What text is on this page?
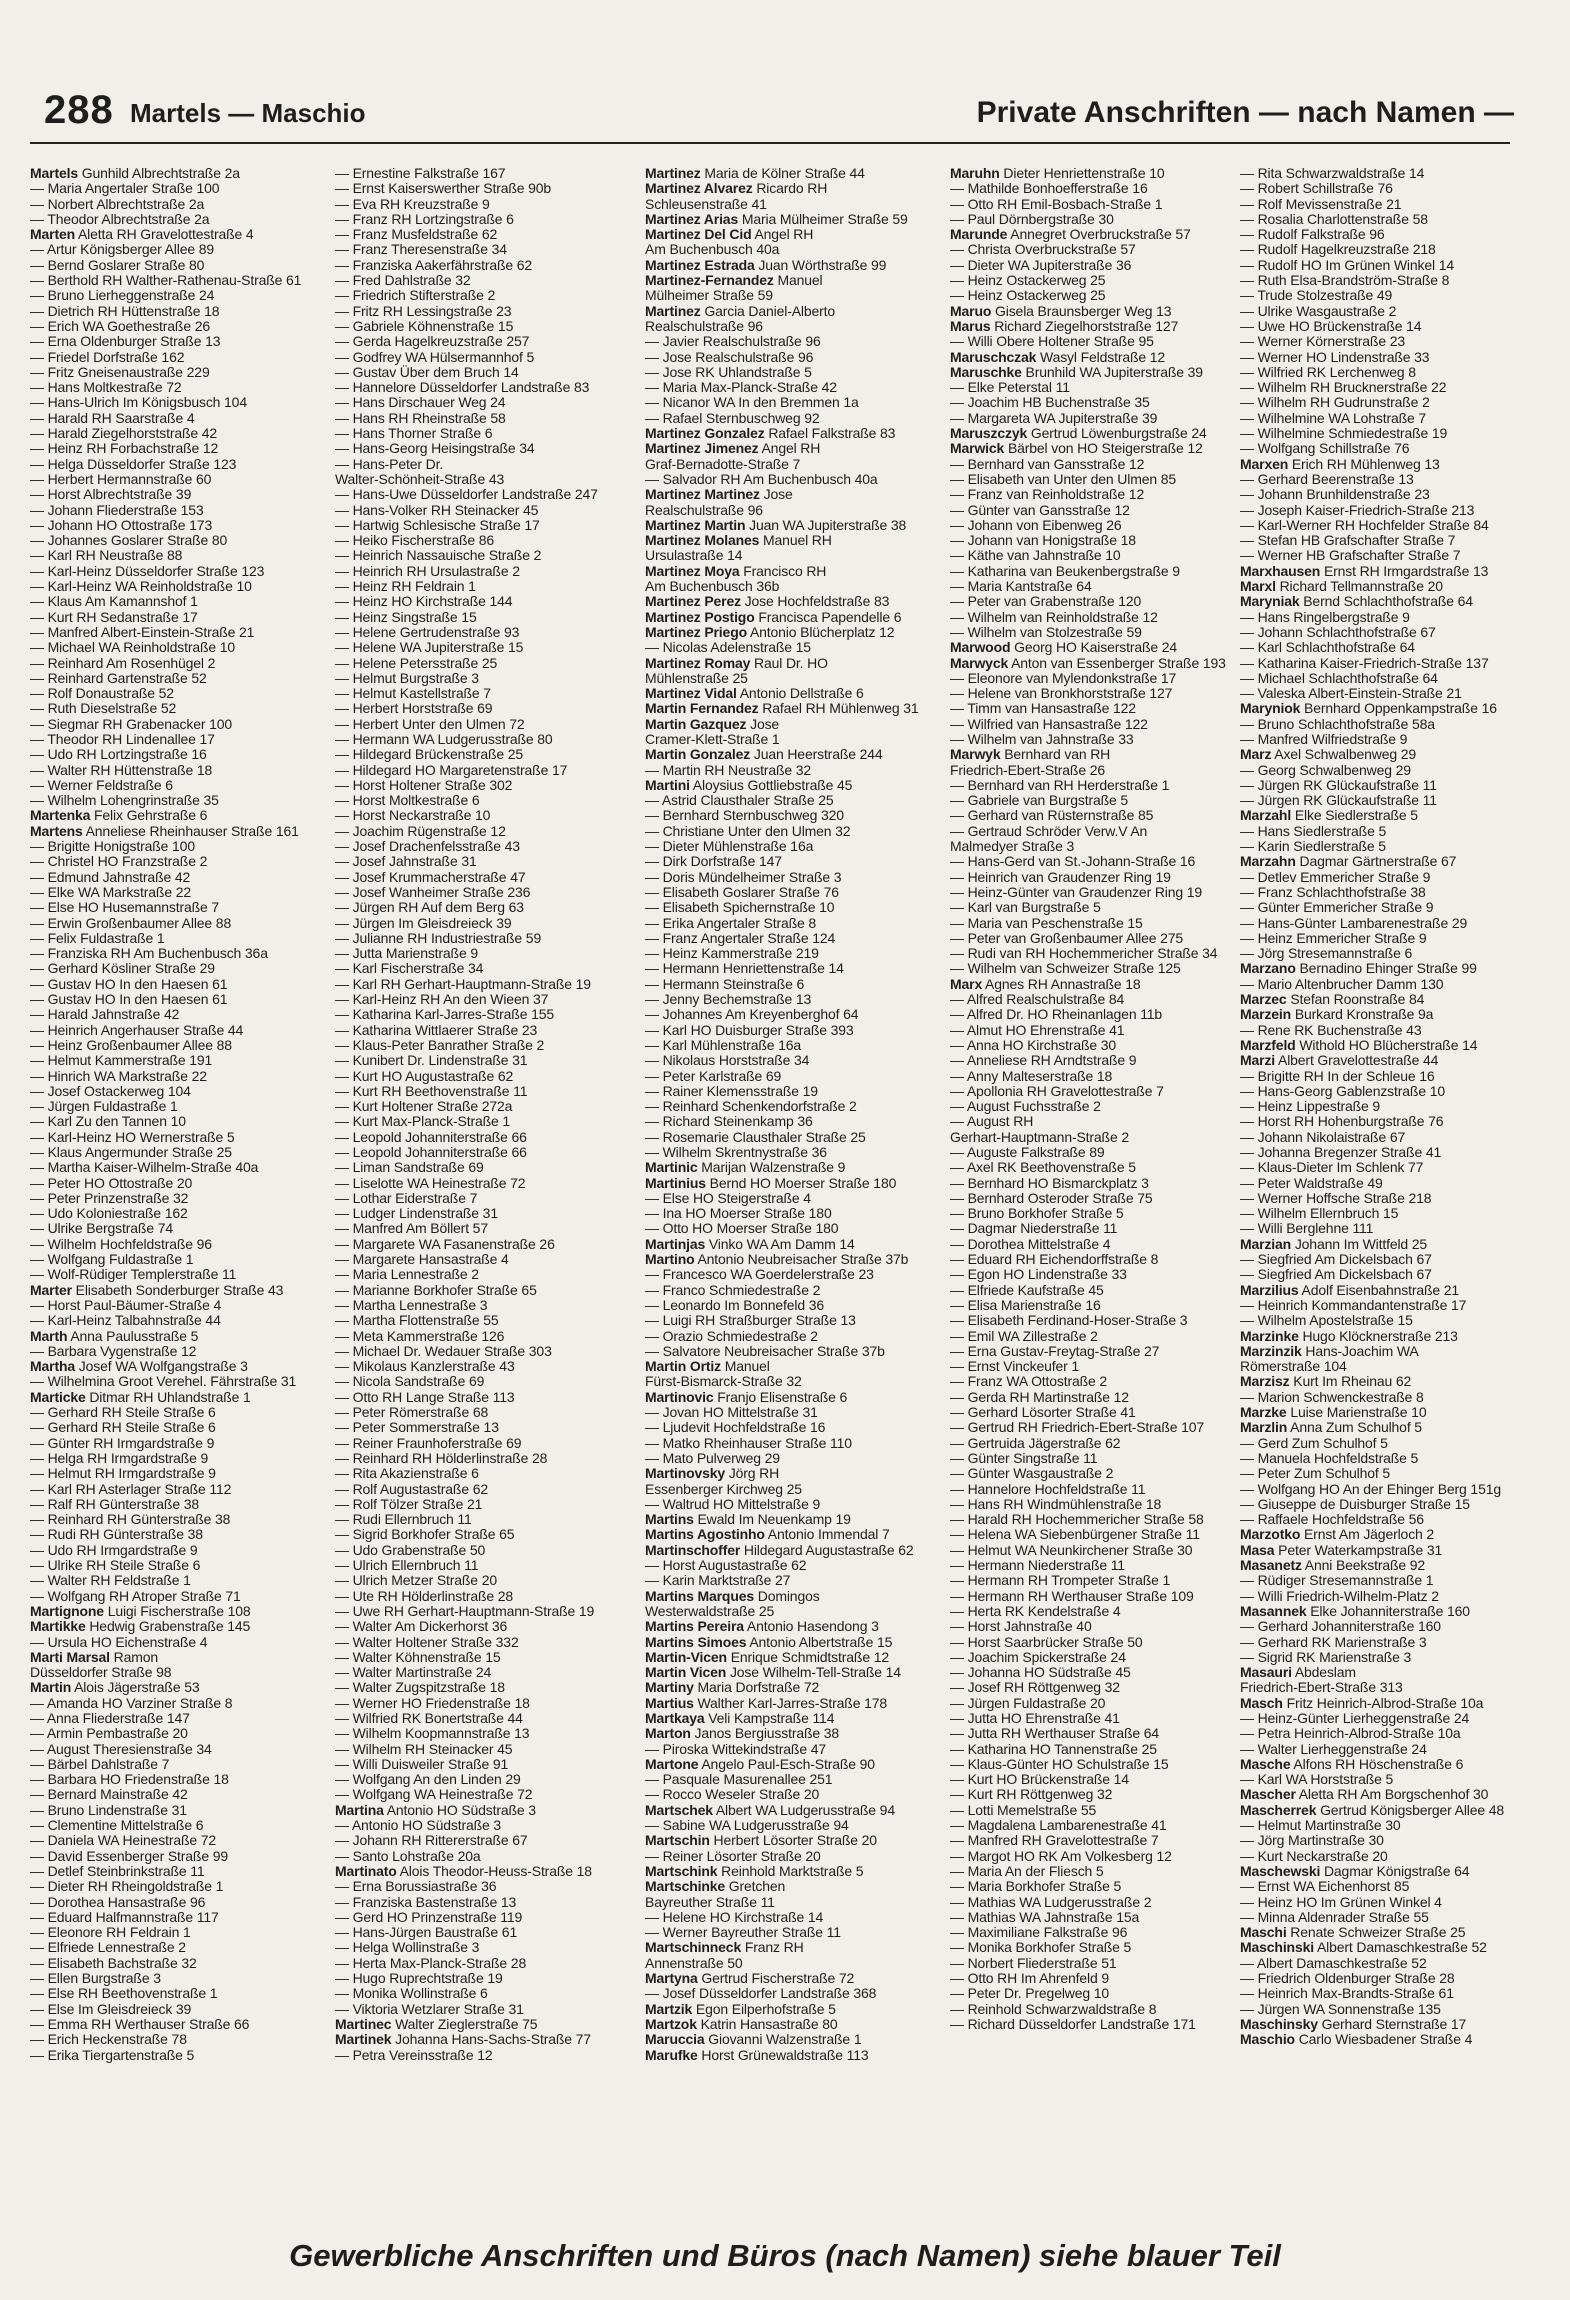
288 Martels — Maschio	Private Anschriften — nach Namen —
Martels Gunhild Albrechtstraße 2a
— Maria Angertaler Straße 100
— Norbert Albrechtstraße 2a
— Theodor Albrechtstraße 2a
Marten Aletta RH Gravelottestraße 4
— Artur Königsberger Allee 89
— Bernd Goslarer Straße 80
— Berthold RH Walther-Rathenau-Straße 61
— Bruno Lierheggenstraße 24
— Dietrich RH Hüttenstraße 18
— Erich WA Goethestraße 26
— Erna Oldenburger Straße 13
— Friedel Dorfstraße 162
— Fritz Gneisenaustraße 229
— Hans Moltkestraße 72
— Hans-Ulrich Im Königsbusch 104
— Harald RH Saarstraße 4
— Harald Ziegelhorststraße 42
— Heinz RH Forbachstraße 12
— Helga Düsseldorfer Straße 123
— Herbert Hermannstraße 60
— Horst Albrechtstraße 39
— Johann Fliederstraße 153
— Johann HO Ottostraße 173
— Johannes Goslarer Straße 80
— Karl RH Neustraße 88
— Karl-Heinz Düsseldorfer Straße 123
— Karl-Heinz WA Reinholdstraße 10
— Klaus Am Kamannshof 1
— Kurt RH Sedanstraße 17
— Manfred Albert-Einstein-Straße 21
— Michael WA Reinholdstraße 10
— Reinhard Am Rosenhügel 2
— Reinhard Gartenstraße 52
— Rolf Donaustraße 52
— Ruth Dieselstraße 52
— Siegmar RH Grabenacker 100
— Theodor RH Lindenallee 17
— Udo RH Lortzingstraße 16
— Walter RH Hüttenstraße 18
— Werner Feldstraße 6
— Wilhelm Lohengrinstraße 35
Martenka Felix Gehrstraße 6
Martens Anneliese Rheinhauser Straße 161
— Brigitte Honigstraße 100
— Christel HO Franzstraße 2
— Edmund Jahnstraße 42
— Elke WA Markstraße 22
— Else HO Husemannstraße 7
— Erwin Großenbaumer Allee 88
— Felix Fuldastraße 1
— Franziska RH Am Buchenbusch 36a
— Gerhard Kösliner Straße 29
— Gustav HO In den Haesen 61
— Gustav HO In den Haesen 61
— Harald Jahnstraße 42
— Heinrich Angerhauser Straße 44
— Heinz Großenbaumer Allee 88
— Helmut Kammerstraße 191
— Hinrich WA Markstraße 22
— Josef Ostackerweg 104
— Jürgen Fuldastraße 1
— Karl Zu den Tannen 10
— Karl-Heinz HO Wernerstraße 5
— Klaus Angermunder Straße 25
— Martha Kaiser-Wilhelm-Straße 40a
— Peter HO Ottostraße 20
— Peter Prinzenstraße 32
— Udo Koloniestraße 162
— Ulrike Bergstraße 74
— Wilhelm Hochfeldstraße 96
— Wolfgang Fuldastraße 1
— Wolf-Rüdiger Templerstraße 11
Marter Elisabeth Sonderburger Straße 43
— Horst Paul-Bäumer-Straße 4
— Karl-Heinz Talbahnstraße 44
Marth Anna Paulusstraße 5
— Barbara Vygenstraße 12
Martha Josef WA Wolfgangstraße 3
— Wilhelmina Groot Verehel. Fährstraße 31
Marticke Ditmar RH Uhlandstraße 1
— Gerhard RH Steile Straße 6
— Gerhard RH Steile Straße 6
— Günter RH Irmgardstraße 9
— Helga RH Irmgardstraße 9
— Helmut RH Irmgardstraße 9
— Karl RH Asterlager Straße 112
— Ralf RH Günterstraße 38
— Reinhard RH Günterstraße 38
— Rudi RH Günterstraße 38
— Udo RH Irmgardstraße 9
— Ulrike RH Steile Straße 6
— Walter RH Feldstraße 1
— Wolfgang RH Atroper Straße 71
Martignone Luigi Fischerstraße 108
Martikke Hedwig Grabenstraße 145
— Ursula HO Eichenstraße 4
Marti Marsal Ramon
Düsseldorfer Straße 98
Martin Alois Jägerstraße 53
— Amanda HO Varziner Straße 8
— Anna Fliederstraße 147
— Armin Pembastraße 20
— August Theresienstraße 34
— Bärbel Dahlstraße 7
— Barbara HO Friedenstraße 18
— Bernard Mainstraße 42
— Bruno Lindenstraße 31
— Clementine Mittelstraße 6
— Daniela WA Heinestraße 72
— David Essenberger Straße 99
— Detlef Steinbrinkstraße 11
— Dieter RH Rheingoldstraße 1
— Dorothea Hansastraße 96
— Eduard Halfmannstraße 117
— Eleonore RH Feldrain 1
— Elfriede Lennestraße 2
— Elisabeth Bachstraße 32
— Ellen Burgstraße 3
— Else RH Beethovenstraße 1
— Else Im Gleisdreieck 39
— Emma RH Werthauser Straße 66
— Erich Heckenstraße 78
— Erika Tiergartenstraße 5
— Ernestine Falkstraße 167
— Ernst Kaiserswerther Straße 90b
— Eva RH Kreuzstraße 9
— Franz RH Lortzingstraße 6
— Franz Musfeldstraße 62
— Franz Theresenstraße 34
— Franziska Aakerfährstraße 62
— Fred Dahlstraße 32
— Friedrich Stifterstraße 2
— Fritz RH Lessingstraße 23
— Gabriele Köhnenstraße 15
— Gerda Hagelkreuzstraße 257
— Godfrey WA Hülsermannhof 5
— Gustav Über dem Bruch 14
— Hannelore Düsseldorfer Landstraße 83
— Hans Dirschauer Weg 24
— Hans RH Rheinstraße 58
— Hans Thorner Straße 6
— Hans-Georg Heisingstraße 34
— Hans-Peter Dr.
Walter-Schönheit-Straße 43
— Hans-Uwe Düsseldorfer Landstraße 247
— Hans-Volker RH Steinacker 45
— Hartwig Schlesische Straße 17
— Heiko Fischerstraße 86
— Heinrich Nassauische Straße 2
— Heinrich RH Ursulastraße 2
— Heinz RH Feldrain 1
— Heinz HO Kirchstraße 144
— Heinz Singstraße 15
— Helene Gertrudenstraße 93
— Helene WA Jupiterstraße 15
— Helene Petersstraße 25
— Helmut Burgstraße 3
— Helmut Kastellstraße 7
— Herbert Horststraße 69
— Herbert Unter den Ulmen 72
— Hermann WA Ludgerusstraße 80
— Hildegard Brückenstraße 25
— Hildegard HO Margaretenstraße 17
— Horst Holtener Straße 302
— Horst Moltkestraße 6
— Horst Neckarstraße 10
— Joachim Rügenstraße 12
— Josef Drachenfelsstraße 43
— Josef Jahnstraße 31
— Josef Krummacherstraße 47
— Josef Wanheimer Straße 236
— Jürgen RH Auf dem Berg 63
— Jürgen Im Gleisdreieck 39
— Julianne RH Industriestraße 59
— Jutta Marienstraße 9
— Karl Fischerstraße 34
— Karl RH Gerhart-Hauptmann-Straße 19
— Karl-Heinz RH An den Wieen 37
— Katharina Karl-Jarres-Straße 155
— Katharina Wittlaerer Straße 23
— Klaus-Peter Banrather Straße 2
— Kunibert Dr. Lindenstraße 31
— Kurt HO Augustastraße 62
— Kurt RH Beethovenstraße 11
— Kurt Holtener Straße 272a
— Kurt Max-Planck-Straße 1
— Leopold Johanniterstraße 66
— Leopold Johanniterstraße 66
— Liman Sandstraße 69
— Liselotte WA Heinestraße 72
— Lothar Eiderstraße 7
— Ludger Lindenstraße 31
— Manfred Am Böllert 57
— Margarete WA Fasanenstraße 26
— Margarete Hansastraße 4
— Maria Lennestraße 2
— Marianne Borkhofer Straße 65
— Martha Lennestraße 3
— Martha Flottenstraße 55
— Meta Kammerstraße 126
— Michael Dr. Wedauer Straße 303
— Mikolaus Kanzlerstraße 43
— Nicola Sandstraße 69
— Otto RH Lange Straße 113
— Peter Römerstraße 68
— Peter Sommerstraße 13
— Reiner Fraunhoferstraße 69
— Reinhard RH Hölderlinstraße 28
— Rita Akazienstraße 6
— Rolf Augustastraße 62
— Rolf Tölzer Straße 21
— Rudi Ellernbruch 11
— Sigrid Borkhofer Straße 65
— Udo Grabenstraße 50
— Ulrich Ellernbruch 11
— Ulrich Metzer Straße 20
— Ute RH Hölderlinstraße 28
— Uwe RH Gerhart-Hauptmann-Straße 19
— Walter Am Dickerhorst 36
— Walter Holtener Straße 332
— Walter Köhnenstraße 15
— Walter Martinstraße 24
— Walter Zugspitzstraße 18
— Werner HO Friedenstraße 18
— Wilfried RK Bonertstraße 44
— Wilhelm Koopmannstraße 13
— Wilhelm RH Steinacker 45
— Willi Duisweiler Straße 91
— Wolfgang An den Linden 29
— Wolfgang WA Heinestraße 72
Martina Antonio HO Südstraße 3
— Antonio HO Südstraße 3
— Johann RH Rittererstraße 67
— Santo Lohstraße 20a
Martinato Alois Theodor-Heuss-Straße 18
— Erna Borussiastraße 36
— Franziska Bastenstraße 13
— Gerd HO Prinzenstraße 119
— Hans-Jürgen Baustraße 61
— Helga Wollinstraße 3
— Herta Max-Planck-Straße 28
— Hugo Ruprechtstraße 19
— Monika Wollinstraße 6
— Viktoria Wetzlarer Straße 31
Martinec Walter Zieglerstraße 75
Martinek Johanna Hans-Sachs-Straße 77
— Petra Vereinsstraße 12
Martinez Maria de Kölner Straße 44
Martinez Alvarez Ricardo RH
Schleusenstraße 41
Martinez Arias Maria Mülheimer Straße 59
Martinez Del Cid Angel RH
Am Buchenbusch 40a
Martinez Estrada Juan Wörthstraße 99
Martinez-Fernandez Manuel
Mülheimer Straße 59
Martinez Garcia Daniel-Alberto
Realschulstraße 96
— Javier Realschulstraße 96
— Jose Realschulstraße 96
— Jose RK Uhlandstraße 5
— Maria Max-Planck-Straße 42
— Nicanor WA In den Bremmen 1a
— Rafael Sternbuschweg 92
Martinez Gonzalez Rafael Falkstraße 83
Martinez Jimenez Angel RH
Graf-Bernadotte-Straße 7
— Salvador RH Am Buchenbusch 40a
Martinez Martinez Jose
Realschulstraße 96
Martinez Martin Juan WA Jupiterstraße 38
Martinez Molanes Manuel RH
Ursulastraße 14
Martinez Moya Francisco RH
Am Buchenbusch 36b
Martinez Perez Jose Hochfeldstraße 83
Martinez Postigo Francisca Papendelle 6
Martinez Priego Antonio Blücherplatz 12
— Nicolas Adelenstraße 15
Martinez Romay Raul Dr. HO
Mühlenstraße 25
Martinez Vidal Antonio Dellstraße 6
Martin Fernandez Rafael RH Mühlenweg 31
Martin Gazquez Jose
Cramer-Klett-Straße 1
Martin Gonzalez Juan Heerstraße 244
— Martin RH Neustraße 32
Martini Aloysius Gottliebstraße 45
— Astrid Clausthaler Straße 25
— Bernhard Sternbuschweg 320
— Christiane Unter den Ulmen 32
— Dieter Mühlenstraße 16a
— Dirk Dorfstraße 147
— Doris Mündelheimer Straße 3
— Elisabeth Goslarer Straße 76
— Elisabeth Spichernstraße 10
— Erika Angertaler Straße 8
— Franz Angertaler Straße 124
— Heinz Kammerstraße 219
— Hermann Henriettenstraße 14
— Hermann Steinstraße 6
— Jenny Bechemstraße 13
— Johannes Am Kreyenberghof 64
— Karl HO Duisburger Straße 393
— Karl Mühlenstraße 16a
— Nikolaus Horststraße 34
— Peter Karlstraße 69
— Rainer Klemensstraße 19
— Reinhard Schenkendorfstraße 2
— Richard Steinenkamp 36
— Rosemarie Clausthaler Straße 25
— Wilhelm Skrentnystraße 36
Martinic Marijan Walzenstraße 9
Martinius Bernd HO Moerser Straße 180
— Else HO Steigerstraße 4
— Ina HO Moerser Straße 180
— Otto HO Moerser Straße 180
Martinjas Vinko WA Am Damm 14
Martino Antonio Neubreisacher Straße 37b
— Francesco WA Goerdelerstraße 23
— Franco Schmiedestraße 2
— Leonardo Im Bonnefeld 36
— Luigi RH Straßburger Straße 13
— Orazio Schmiedestraße 2
— Salvatore Neubreisacher Straße 37b
Martin Ortiz Manuel
Fürst-Bismarck-Straße 32
Martinovic Franjo Elisenstraße 6
— Jovan HO Mittelstraße 31
— Ljudevit Hochfeldstraße 16
— Matko Rheinhauser Straße 110
— Mato Pulverweg 29
Martinovsky Jörg RH
Essenberger Kirchweg 25
— Waltrud HO Mittelstraße 9
Martins Ewald Im Neuenkamp 19
Martins Agostinho Antonio Immendal 7
Martinschoffer Hildegard Augustastraße 62
— Horst Augustastraße 62
— Karin Marktstraße 27
Martins Marques Domingos
Westerwaldstraße 25
Martins Pereira Antonio Hasendong 3
Martins Simoes Antonio Albertstraße 15
Martin-Vicen Enrique Schmidtstraße 12
Martin Vicen Jose Wilhelm-Tell-Straße 14
Martiny Maria Dorfstraße 72
Martius Walther Karl-Jarres-Straße 178
Martkaya Veli Kampstraße 114
Marton Janos Bergiusstraße 38
— Piroska Wittekindstraße 47
Martone Angelo Paul-Esch-Straße 90
— Pasquale Masurenallee 251
— Rocco Weseler Straße 20
Martschek Albert WA Ludgerusstraße 94
— Sabine WA Ludgerusstraße 94
Martschin Herbert Lösorter Straße 20
— Reiner Lösorter Straße 20
Martschink Reinhold Marktstraße 5
Martschinke Gretchen
Bayreuther Straße 11
— Helene HO Kirchstraße 14
— Werner Bayreuther Straße 11
Martschinneck Franz RH
Annenstraße 50
Martyna Gertrud Fischerstraße 72
— Josef Düsseldorfer Landstraße 368
Martzik Egon Eilperhofstraße 5
Martzok Katrin Hansastraße 80
Maruccia Giovanni Walzenstraße 1
Marufke Horst Grünewaldstraße 113
Maruhn Dieter Henriettenstraße 10
— Mathilde Bonhoefferstraße 16
— Otto RH Emil-Bosbach-Straße 1
— Paul Dörnbergstraße 30
Marunde Annegret Overbruckstraße 57
— Christa Overbruckstraße 57
— Dieter WA Jupiterstraße 36
— Heinz Ostackerweg 25
— Heinz Ostackerweg 25
Maruo Gisela Braunsberger Weg 13
Marus Richard Ziegelhorststraße 127
— Willi Obere Holtener Straße 95
Maruschczak Wasyl Feldstraße 12
Maruschke Brunhild WA Jupiterstraße 39
— Elke Peterstal 11
— Joachim HB Buchenstraße 35
— Margareta WA Jupiterstraße 39
Maruszczyk Gertrud Löwenburgstraße 24
Marwick Bärbel von HO Steigerstraße 12
— Bernhard van Gansstraße 12
— Elisabeth van Unter den Ulmen 85
— Franz van Reinholdstraße 12
— Günter van Gansstraße 12
— Johann von Eibenweg 26
— Johann van Honigstraße 18
— Käthe van Jahnstraße 10
— Katharina van Beukenbergstraße 9
— Maria Kantstraße 64
— Peter van Grabenstraße 120
— Wilhelm van Reinholdstraße 12
— Wilhelm van Stolzestraße 59
Marwood Georg HO Kaiserstraße 24
Marwyck Anton van Essenberger Straße 193
— Eleonore van Mylendonkstraße 17
— Helene van Bronkhorststraße 127
— Timm van Hansastraße 122
— Wilfried van Hansastraße 122
— Wilhelm van Jahnstraße 33
Marwyk Bernhard van RH
Friedrich-Ebert-Straße 26
— Bernhard van RH Herderstraße 1
— Gabriele van Burgstraße 5
— Gerhard van Rüsternstraße 85
— Gertraud Schröder Verw.V An
Malmedyer Straße 3
— Hans-Gerd van St.-Johann-Straße 16
— Heinrich van Graudenzer Ring 19
— Heinz-Günter van Graudenzer Ring 19
— Karl van Burgstraße 5
— Maria van Peschenstraße 15
— Peter van Großenbaumer Allee 275
— Rudi van RH Hochemmericher Straße 34
— Wilhelm van Schweizer Straße 125
Marx Agnes RH Annastraße 18
— Alfred Realschulstraße 84
— Alfred Dr. HO Rheinanlagen 11b
— Almut HO Ehrenstraße 41
— Anna HO Kirchstraße 30
— Anneliese RH Arndtstraße 9
— Anny Malteserstraße 18
— Apollonia RH Gravelottestraße 7
— August Fuchsstraße 2
— August RH
Gerhart-Hauptmann-Straße 2
— Auguste Falkstraße 89
— Axel RK Beethovenstraße 5
— Bernhard HO Bismarckplatz 3
— Bernhard Osteroder Straße 75
— Bruno Borkhofer Straße 5
— Dagmar Niederstraße 11
— Dorothea Mittelstraße 4
— Eduard RH Eichendorffstraße 8
— Egon HO Lindenstraße 33
— Elfriede Kaufstraße 45
— Elisa Marienstraße 16
— Elisabeth Ferdinand-Hoser-Straße 3
— Emil WA Zillestraße 2
— Erna Gustav-Freytag-Straße 27
— Ernst Vinckeufer 1
— Franz WA Ottostraße 2
— Gerda RH Martinstraße 12
— Gerhard Lösorter Straße 41
— Gertrud RH Friedrich-Ebert-Straße 107
— Gertruida Jägerstraße 62
— Günter Singstraße 11
— Günter Wasgaustraße 2
— Hannelore Hochfeldstraße 11
— Hans RH Windmühlenstraße 18
— Harald RH Hochemmericher Straße 58
— Helena WA Siebenbürgener Straße 11
— Helmut WA Neunkirchener Straße 30
— Hermann Niederstraße 11
— Hermann RH Trompeter Straße 1
— Hermann RH Werthauser Straße 109
— Herta RK Kendelstraße 4
— Horst Jahnstraße 40
— Horst Saarbrücker Straße 50
— Joachim Spickerstraße 24
— Johanna HO Südstraße 45
— Josef RH Röttgenweg 32
— Jürgen Fuldastraße 20
— Jutta HO Ehrenstraße 41
— Jutta RH Werthauser Straße 64
— Katharina HO Tannenstraße 25
— Klaus-Günter HO Schulstraße 15
— Kurt HO Brückenstraße 14
— Kurt RH Röttgenweg 32
— Lotti Memelstraße 55
— Magdalena Lambarenestraße 41
— Manfred RH Gravelottestraße 7
— Margot HO RK Am Volkesberg 12
— Maria An der Fliesch 5
— Maria Borkhofer Straße 5
— Mathias WA Ludgerusstraße 2
— Mathias WA Jahnstraße 15a
— Maximiliane Falkstraße 96
— Monika Borkhofer Straße 5
— Norbert Fliederstraße 51
— Otto RH Im Ahrenfeld 9
— Peter Dr. Pregelweg 10
— Reinhold Schwarzwaldstraße 8
— Richard Düsseldorfer Landstraße 171
— Rita Schwarzwaldstraße 14
— Robert Schillstraße 76
— Rolf Mevissenstraße 21
— Rosalia Charlottenstraße 58
— Rudolf Falkstraße 96
— Rudolf Hagelkreuzstraße 218
— Rudolf HO Im Grünen Winkel 14
— Ruth Elsa-Brandström-Straße 8
— Trude Stolzestraße 49
— Ulrike Wasgaustraße 2
— Uwe HO Brückenstraße 14
— Werner Körnerstraße 23
— Werner HO Lindenstraße 33
— Wilfried RK Lerchenweg 8
— Wilhelm RH Brucknerstraße 22
— Wilhelm RH Gudrunstraße 2
— Wilhelmine WA Lohstraße 7
— Wilhelmine Schmiedestraße 19
— Wolfgang Schillstraße 76
Marxen Erich RH Mühlenweg 13
— Gerhard Beerenstraße 13
— Johann Brunhildenstraße 23
— Joseph Kaiser-Friedrich-Straße 213
— Karl-Werner RH Hochfelder Straße 84
— Stefan HB Grafschafter Straße 7
— Werner HB Grafschafter Straße 7
Marxhausen Ernst RH Irmgardstraße 13
Marxl Richard Tellmannstraße 20
Maryniak Bernd Schlachthofstraße 64
— Hans Ringelbergstraße 9
— Johann Schlachthofstraße 67
— Karl Schlachthofstraße 64
— Katharina Kaiser-Friedrich-Straße 137
— Michael Schlachthofstraße 64
— Valeska Albert-Einstein-Straße 21
Maryniok Bernhard Oppenkampstraße 16
— Bruno Schlachthofstraße 58a
— Manfred Wilfriedstraße 9
Marz Axel Schwalbenweg 29
— Georg Schwalbenweg 29
— Jürgen RK Glückaufstraße 11
— Jürgen RK Glückaufstraße 11
Marzahl Elke Siedlerstraße 5
— Hans Siedlerstraße 5
— Karin Siedlerstraße 5
Marzahn Dagmar Gärtnerstraße 67
— Detlev Emmericher Straße 9
— Franz Schlachthofstraße 38
— Günter Emmericher Straße 9
— Hans-Günter Lambarenestraße 29
— Heinz Emmericher Straße 9
— Jörg Stresemannstraße 6
Marzano Bernadino Ehinger Straße 99
— Mario Altenbrucher Damm 130
Marzec Stefan Roonstraße 84
Marzein Burkard Kronstraße 9a
— Rene RK Buchenstraße 43
Marzfeld Withold HO Blücherstraße 14
Marzi Albert Gravelottestraße 44
— Brigitte RH In der Schleue 16
— Hans-Georg Gablenzstraße 10
— Heinz Lippestraße 9
— Horst RH Hohenburgstraße 76
— Johann Nikolaistraße 67
— Johanna Bregenzer Straße 41
— Klaus-Dieter Im Schlenk 77
— Peter Waldstraße 49
— Werner Hoffsche Straße 218
— Wilhelm Ellernbruch 15
— Willi Berglehne 111
Marzian Johann Im Wittfeld 25
— Siegfried Am Dickelsbach 67
— Siegfried Am Dickelsbach 67
Marzilius Adolf Eisenbahnstraße 21
— Heinrich Kommandantenstraße 17
— Wilhelm Apostelstraße 15
Marzinke Hugo Klöcknerstraße 213
Marzinzik Hans-Joachim WA
Römerstraße 104
Marzisz Kurt Im Rheinau 62
— Marion Schwenckestraße 8
Marzke Luise Marienstraße 10
Marzlin Anna Zum Schulhof 5
— Gerd Zum Schulhof 5
— Manuela Hochfeldstraße 5
— Peter Zum Schulhof 5
— Wolfgang HO An der Ehinger Berg 151g
— Giuseppe de Duisburger Straße 15
— Raffaele Hochfeldstraße 56
Marzotko Ernst Am Jägerloch 2
Masa Peter Waterkampstraße 31
Masanetz Anni Beekstraße 92
— Rüdiger Stresemannstraße 1
— Willi Friedrich-Wilhelm-Platz 2
Masannek Elke Johanniterstraße 160
— Gerhard Johanniterstraße 160
— Gerhard RK Marienstraße 3
— Sigrid RK Marienstraße 3
Masauri Abdeslam
Friedrich-Ebert-Straße 313
Masch Fritz Heinrich-Albrod-Straße 10a
— Heinz-Günter Lierheggenstraße 24
— Petra Heinrich-Albrod-Straße 10a
— Walter Lierheggenstraße 24
Masche Alfons RH Höschenstraße 6
— Karl WA Horststraße 5
Mascher Aletta RH Am Borgschenhof 30
Mascherrek Gertrud Königsberger Allee 48
— Helmut Martinstraße 30
— Jörg Martinstraße 30
— Kurt Neckarstraße 20
Maschewski Dagmar Königstraße 64
— Ernst WA Eichenhorst 85
— Heinz HO Im Grünen Winkel 4
— Minna Aldenrader Straße 55
Maschi Renate Schweizer Straße 25
Maschinski Albert Damaschkestraße 52
— Albert Damaschkestraße 52
— Friedrich Oldenburger Straße 28
— Heinrich Max-Brandts-Straße 61
— Jürgen WA Sonnenstraße 135
Maschinsky Gerhard Sternstraße 17
Maschio Carlo Wiesbadener Straße 4
Gewerbliche Anschriften und Büros (nach Namen) siehe blauer Teil
